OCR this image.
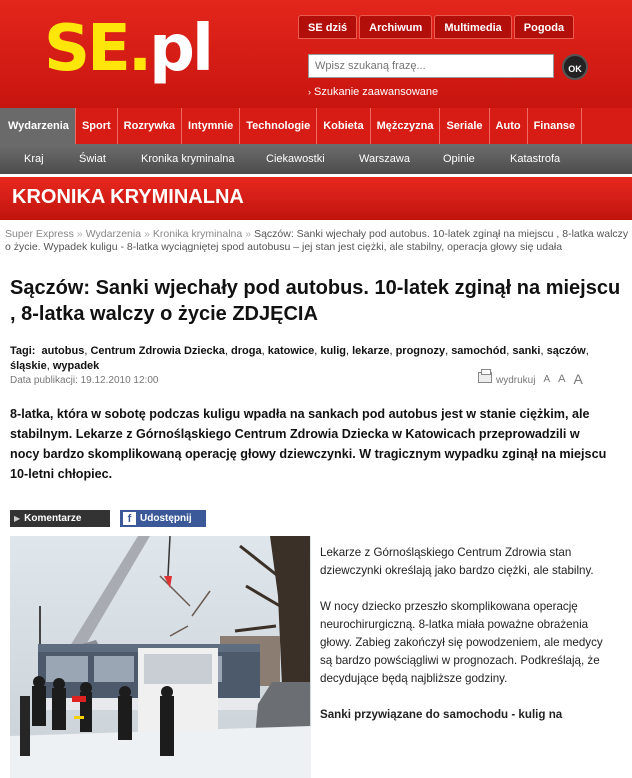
SE.pl	SE dziś	Archiwum	Multimedia	Pogoda
Wpisz szukaną frazę...
OK
› Szukanie zaawansowane
Wydarzenia	Sport	Rozrywka	Intymnie	Technologie	Kobieta	Mężczyzna	Seriale	Auto	Finanse
Kraj	Świat	Kronika kryminalna	Ciekawostki	Warszawa	Opinie	Katastrofa
KRONIKA KRYMINALNA
Super Express » Wydarzenia » Kronika kryminalna » Sączów: Sanki wjechały pod autobus. 10-latek zginął na miejscu , 8-latka walczy o życie. Wypadek kuligu - 8-latka wyciągniętej spod autobusu – jej stan jest ciężki, ale stabilny, operacja głowy się udała
Sączów: Sanki wjechały pod autobus. 10-latek zginął na miejscu , 8-latka walczy o życie ZDJĘCIA
Tagi: autobus, Centrum Zdrowia Dziecka, droga, katowice, kulig, lekarze, prognozy, samochód, sanki, sączów, śląskie, wypadek
Data publikacji: 19.12.2010 12:00	wydrukuj A A A

8-latka, która w sobotę podczas kuligu wpadła na sankach pod autobus jest w stanie ciężkim, ale stabilnym. Lekarze z Górnośląskiego Centrum Zdrowia Dziecka w Katowicach przeprowadzili w nocy bardzo skomplikowaną operację głowy dziewczynki. W tragicznym wypadku zginął na miejscu 10-letni chłopiec.

▶ Komentarze	f Udostępnij

Lekarze z Górnośląskiego Centrum Zdrowia stan dziewczynki określają jako bardzo ciężki, ale stabilny.

W nocy dziecko przeszło skomplikowana operację neurochirurgiczną. 8-latka miała poważne obrażenia głowy. Zabieg zakończył się powodzeniem, ale medycy są bardzo powściągliwi w prognozach. Podkreślają, że decydujące będą najbliższe godziny.

Sanki przywiązane do samochodu - kulig na
